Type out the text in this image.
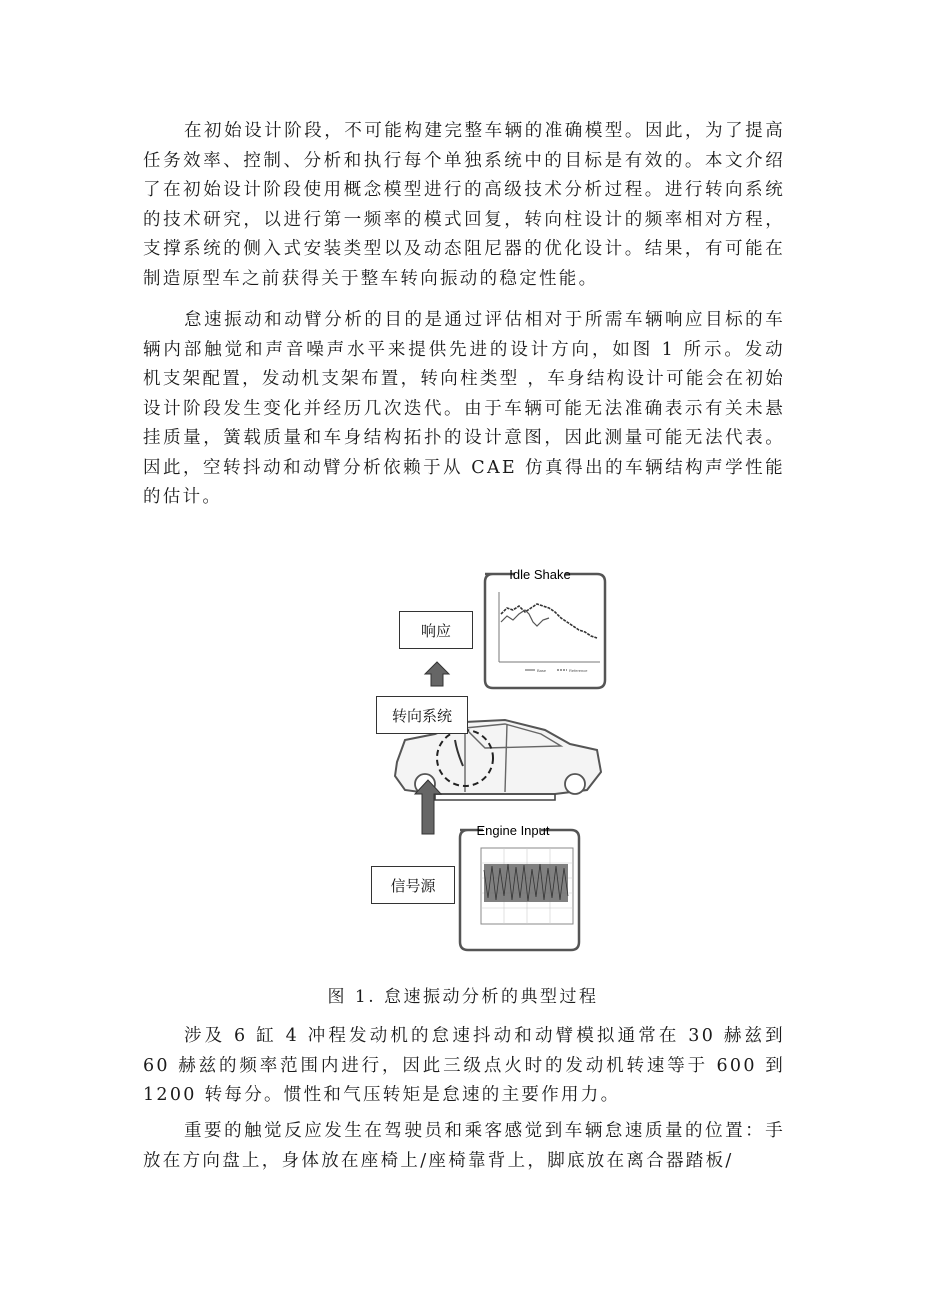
在初始设计阶段，不可能构建完整车辆的准确模型。因此，为了提高任务效率、控制、分析和执行每个单独系统中的目标是有效的。本文介绍了在初始设计阶段使用概念模型进行的高级技术分析过程。进行转向系统的技术研究，以进行第一频率的模式回复，转向柱设计的频率相对方程，支撑系统的侧入式安装类型以及动态阻尼器的优化设计。结果，有可能在制造原型车之前获得关于整车转向振动的稳定性能。

怠速振动和动臂分析的目的是通过评估相对于所需车辆响应目标的车辆内部触觉和声音噪声水平来提供先进的设计方向，如图 1 所示。发动机支架配置，发动机支架布置，转向柱类型 ，车身结构设计可能会在初始设计阶段发生变化并经历几次迭代。由于车辆可能无法准确表示有关未悬挂质量，簧载质量和车身结构拓扑的设计意图，因此测量可能无法代表。因此，空转抖动和动臂分析依赖于从 CAE 仿真得出的车辆结构声学性能的估计。

Idle Shake
Base	Reference
Engine Input
响应
转向系统
信号源

图 1. 怠速振动分析的典型过程

涉及 6 缸 4 冲程发动机的怠速抖动和动臂模拟通常在 30 赫兹到 60 赫兹的频率范围内进行，因此三级点火时的发动机转速等于 600 到 1200 转每分。惯性和气压转矩是怠速的主要作用力。

重要的触觉反应发生在驾驶员和乘客感觉到车辆怠速质量的位置：手放在方向盘上，身体放在座椅上/座椅靠背上，脚底放在离合器踏板/
